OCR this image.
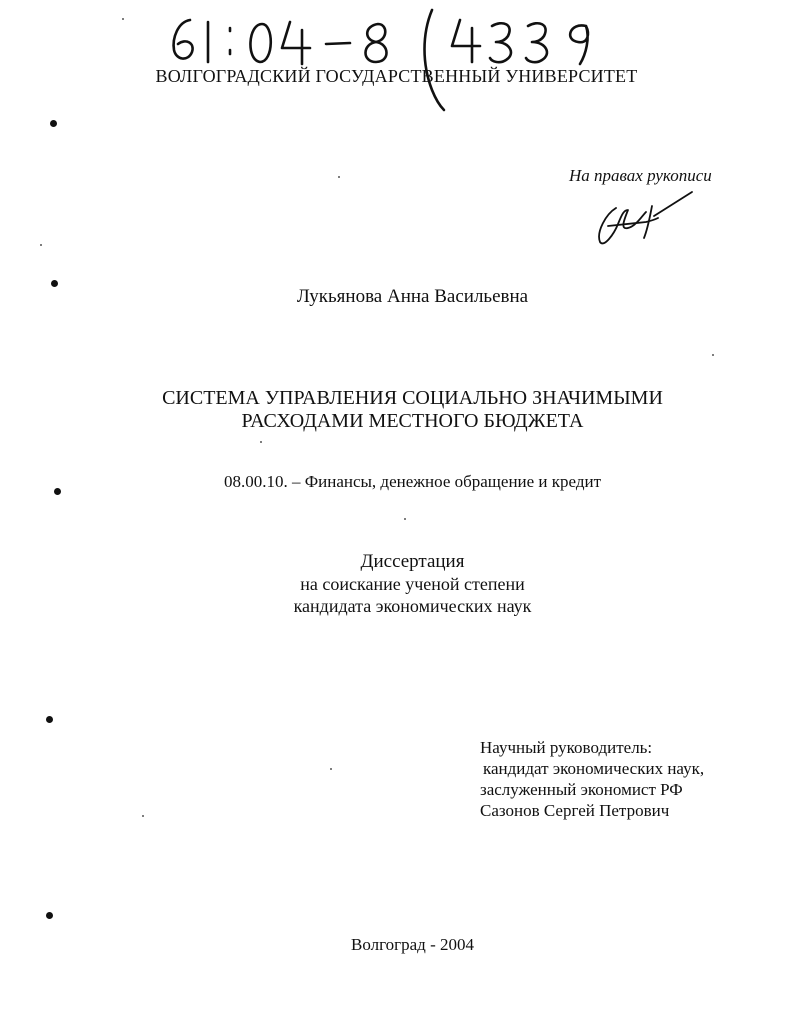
ВОЛГОГРАДСКИЙ ГОСУДАРСТВЕННЫЙ УНИВЕРСИТЕТ
На правах рукописи
Лукьянова Анна Васильевна
СИСТЕМА УПРАВЛЕНИЯ СОЦИАЛЬНО ЗНАЧИМЫМИ
РАСХОДАМИ МЕСТНОГО БЮДЖЕТА
08.00.10. – Финансы, денежное обращение и кредит
Диссертация
на соискание ученой степени
кандидата экономических наук
Научный руководитель:
кандидат экономических наук,
заслуженный экономист РФ
Сазонов Сергей Петрович
Волгоград - 2004
